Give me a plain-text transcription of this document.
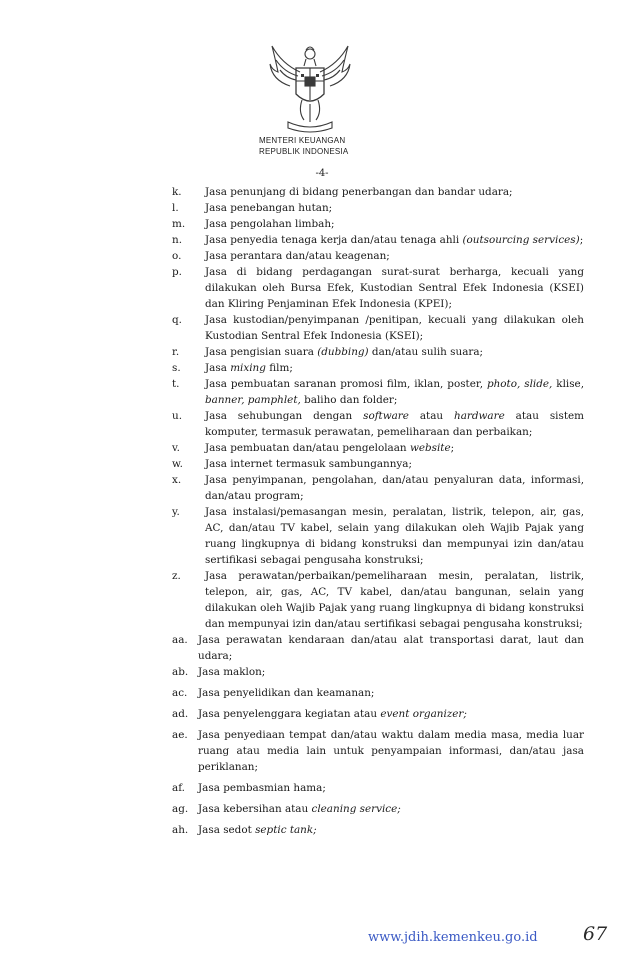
MENTERI KEUANGAN
REPUBLIK INDONESIA
-4-
k.	Jasa penunjang di bidang penerbangan dan bandar udara;
l.	Jasa penebangan hutan;
m.	Jasa pengolahan limbah;
n.	Jasa penyedia tenaga kerja dan/atau tenaga ahli (outsourcing services);
o.	Jasa perantara dan/atau keagenan;
p.	Jasa di bidang perdagangan surat-surat berharga, kecuali yang dilakukan oleh Bursa Efek, Kustodian Sentral Efek Indonesia (KSEI) dan Kliring Penjaminan Efek Indonesia (KPEI);
q.	Jasa kustodian/penyimpanan /penitipan, kecuali yang dilakukan oleh Kustodian Sentral Efek Indonesia (KSEI);
r.	Jasa pengisian suara (dubbing) dan/atau sulih suara;
s.	Jasa mixing film;
t.	Jasa pembuatan saranan promosi film, iklan, poster, photo, slide, klise, banner, pamphlet, baliho dan folder;
u.	Jasa sehubungan dengan software atau hardware atau sistem komputer, termasuk perawatan, pemeliharaan dan perbaikan;
v.	Jasa pembuatan dan/atau pengelolaan website;
w.	Jasa internet termasuk sambungannya;
x.	Jasa penyimpanan, pengolahan, dan/atau penyaluran data, informasi, dan/atau program;
y.	Jasa instalasi/pemasangan mesin, peralatan, listrik, telepon, air, gas, AC, dan/atau TV kabel, selain yang dilakukan oleh Wajib Pajak yang ruang lingkupnya di bidang konstruksi dan mempunyai izin dan/atau sertifikasi sebagai pengusaha konstruksi;
z.	Jasa perawatan/perbaikan/pemeliharaan mesin, peralatan, listrik, telepon, air, gas, AC, TV kabel, dan/atau bangunan, selain yang dilakukan oleh Wajib Pajak yang ruang lingkupnya di bidang konstruksi dan mempunyai izin dan/atau sertifikasi sebagai pengusaha konstruksi;
aa. Jasa perawatan kendaraan dan/atau alat transportasi darat, laut dan udara;
ab. Jasa maklon;
ac.	Jasa penyelidikan dan keamanan;
ad. Jasa penyelenggara kegiatan atau event organizer;
ae. Jasa penyediaan tempat dan/atau waktu dalam media masa, media luar ruang atau media lain untuk penyampaian informasi, dan/atau jasa periklanan;
af.	Jasa pembasmian hama;
ag. Jasa kebersihan atau cleaning service;
ah. Jasa sedot septic tank;
www.jdih.kemenkeu.go.id 67
